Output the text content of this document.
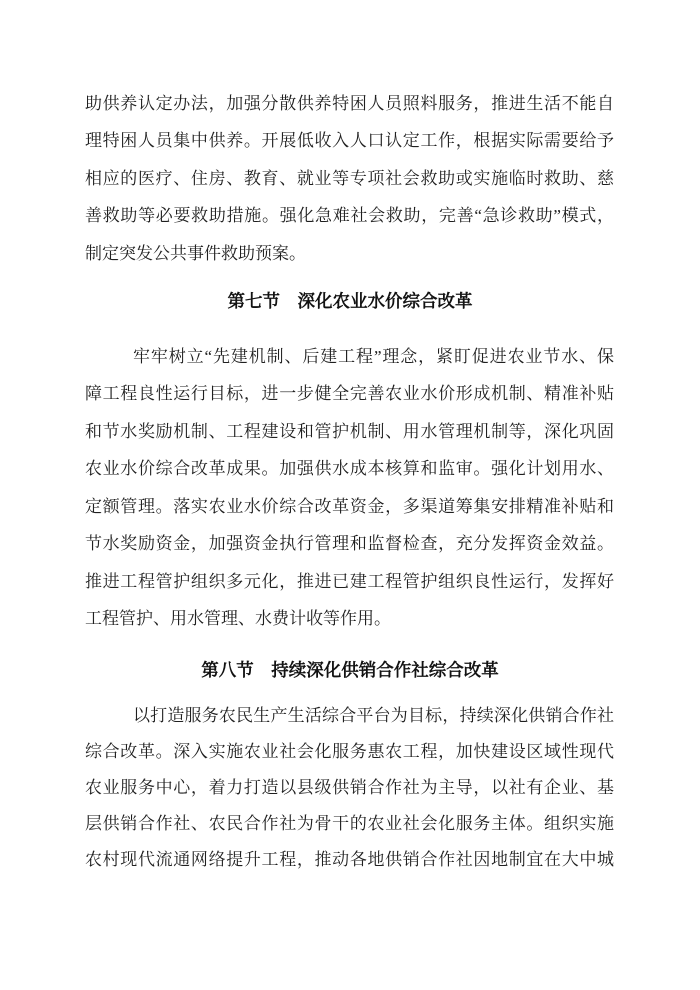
助供养认定办法，加强分散供养特困人员照料服务，推进生活不能自
理特困人员集中供养。开展低收入人口认定工作，根据实际需要给予
相应的医疗、住房、教育、就业等专项社会救助或实施临时救助、慈
善救助等必要救助措施。强化急难社会救助，完善“急诊救助”模式，
制定突发公共事件救助预案。
第七节　深化农业水价综合改革
牢牢树立“先建机制、后建工程”理念，紧盯促进农业节水、保
障工程良性运行目标，进一步健全完善农业水价形成机制、精准补贴
和节水奖励机制、工程建设和管护机制、用水管理机制等，深化巩固
农业水价综合改革成果。加强供水成本核算和监审。强化计划用水、
定额管理。落实农业水价综合改革资金，多渠道筹集安排精准补贴和
节水奖励资金，加强资金执行管理和监督检查，充分发挥资金效益。
推进工程管护组织多元化，推进已建工程管护组织良性运行，发挥好
工程管护、用水管理、水费计收等作用。
第八节　持续深化供销合作社综合改革
以打造服务农民生产生活综合平台为目标，持续深化供销合作社
综合改革。深入实施农业社会化服务惠农工程，加快建设区域性现代
农业服务中心，着力打造以县级供销合作社为主导，以社有企业、基
层供销合作社、农民合作社为骨干的农业社会化服务主体。组织实施
农村现代流通网络提升工程，推动各地供销合作社因地制宜在大中城
